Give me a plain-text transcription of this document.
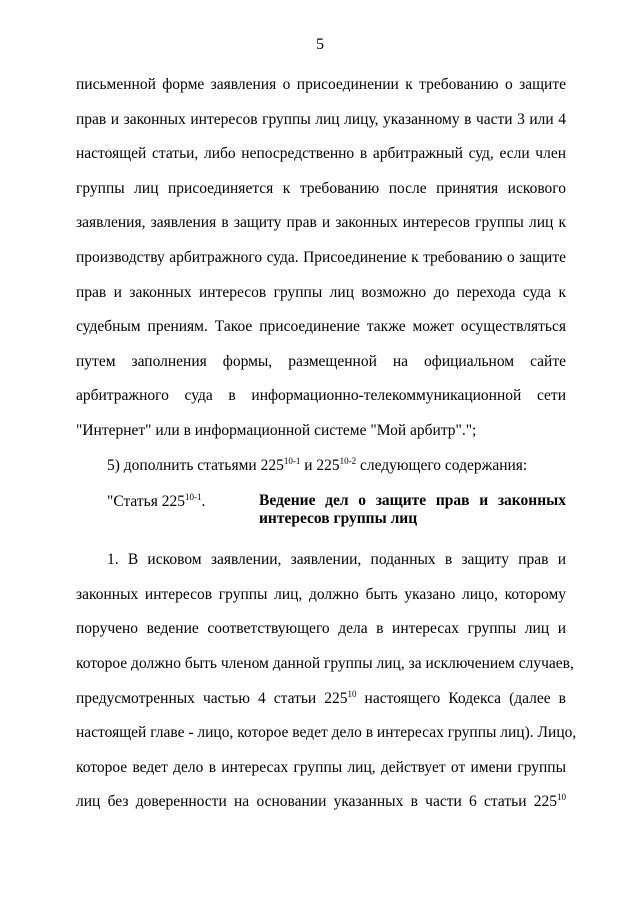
5
письменной форме заявления о присоединении к требованию о защите
прав и законных интересов группы лиц лицу, указанному в части 3 или 4
настоящей статьи, либо непосредственно в арбитражный суд, если член
группы лиц присоединяется к требованию после принятия искового
заявления, заявления в защиту прав и законных интересов группы лиц к
производству арбитражного суда. Присоединение к требованию о защите
прав и законных интересов группы лиц возможно до перехода суда к
судебным прениям. Такое присоединение также может осуществляться
путем заполнения формы, размещенной на официальном сайте
арбитражного суда в информационно-телекоммуникационной сети
"Интернет" или в информационной системе "Мой арбитр".";
5) дополнить статьями 225$^{10-1}$ и 225$^{10-2}$ следующего содержания:
"Статья 225$^{10-1}$.	Ведение дел о защите прав и законных
интересов группы лиц
1. В исковом заявлении, заявлении, поданных в защиту прав и
законных интересов группы лиц, должно быть указано лицо, которому
поручено ведение соответствующего дела в интересах группы лиц и
которое должно быть членом данной группы лиц, за исключением случаев,
предусмотренных частью 4 статьи $225^{10}$ настоящего Кодекса (далее в
настоящей главе - лицо, которое ведет дело в интересах группы лиц). Лицо,
которое ведет дело в интересах группы лиц, действует от имени группы
лиц без доверенности на основании указанных в части 6 статьи $225^{10}$
